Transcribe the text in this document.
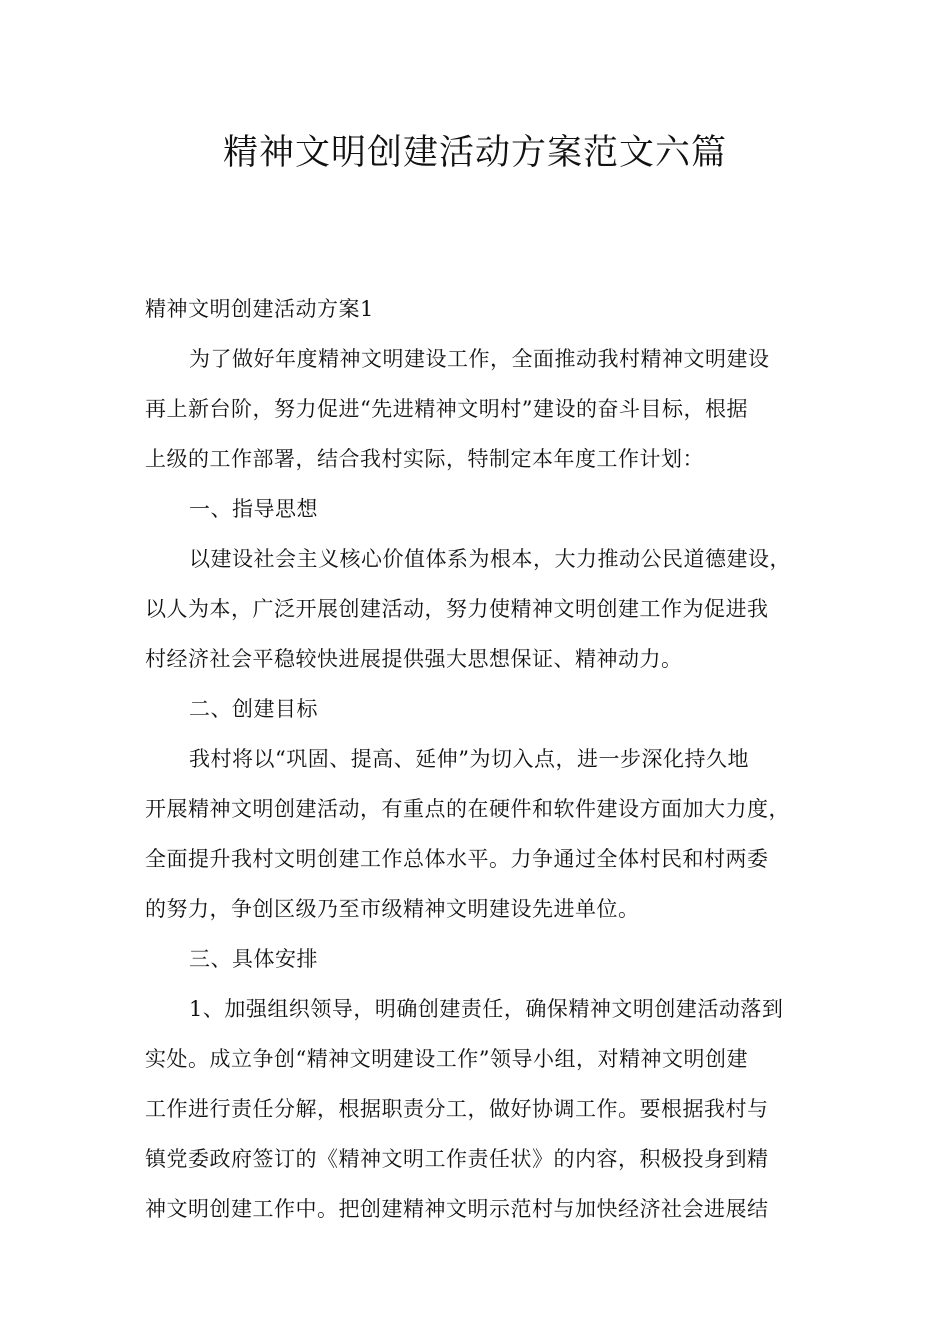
精神文明创建活动方案范文六篇

精神文明创建活动方案1

为了做好年度精神文明建设工作，全面推动我村精神文明建设

再上新台阶，努力促进“先进精神文明村”建设的奋斗目标，根据

上级的工作部署，结合我村实际，特制定本年度工作计划：

一、指导思想

以建设社会主义核心价值体系为根本，大力推动公民道德建设，

以人为本，广泛开展创建活动，努力使精神文明创建工作为促进我

村经济社会平稳较快进展提供强大思想保证、精神动力。

二、创建目标

我村将以“巩固、提高、延伸”为切入点，进一步深化持久地

开展精神文明创建活动，有重点的在硬件和软件建设方面加大力度，

全面提升我村文明创建工作总体水平。力争通过全体村民和村两委

的努力，争创区级乃至市级精神文明建设先进单位。

三、具体安排

1、加强组织领导，明确创建责任，确保精神文明创建活动落到

实处。成立争创“精神文明建设工作”领导小组，对精神文明创建

工作进行责任分解，根据职责分工，做好协调工作。要根据我村与

镇党委政府签订的《精神文明工作责任状》的内容，积极投身到精

神文明创建工作中。把创建精神文明示范村与加快经济社会进展结
